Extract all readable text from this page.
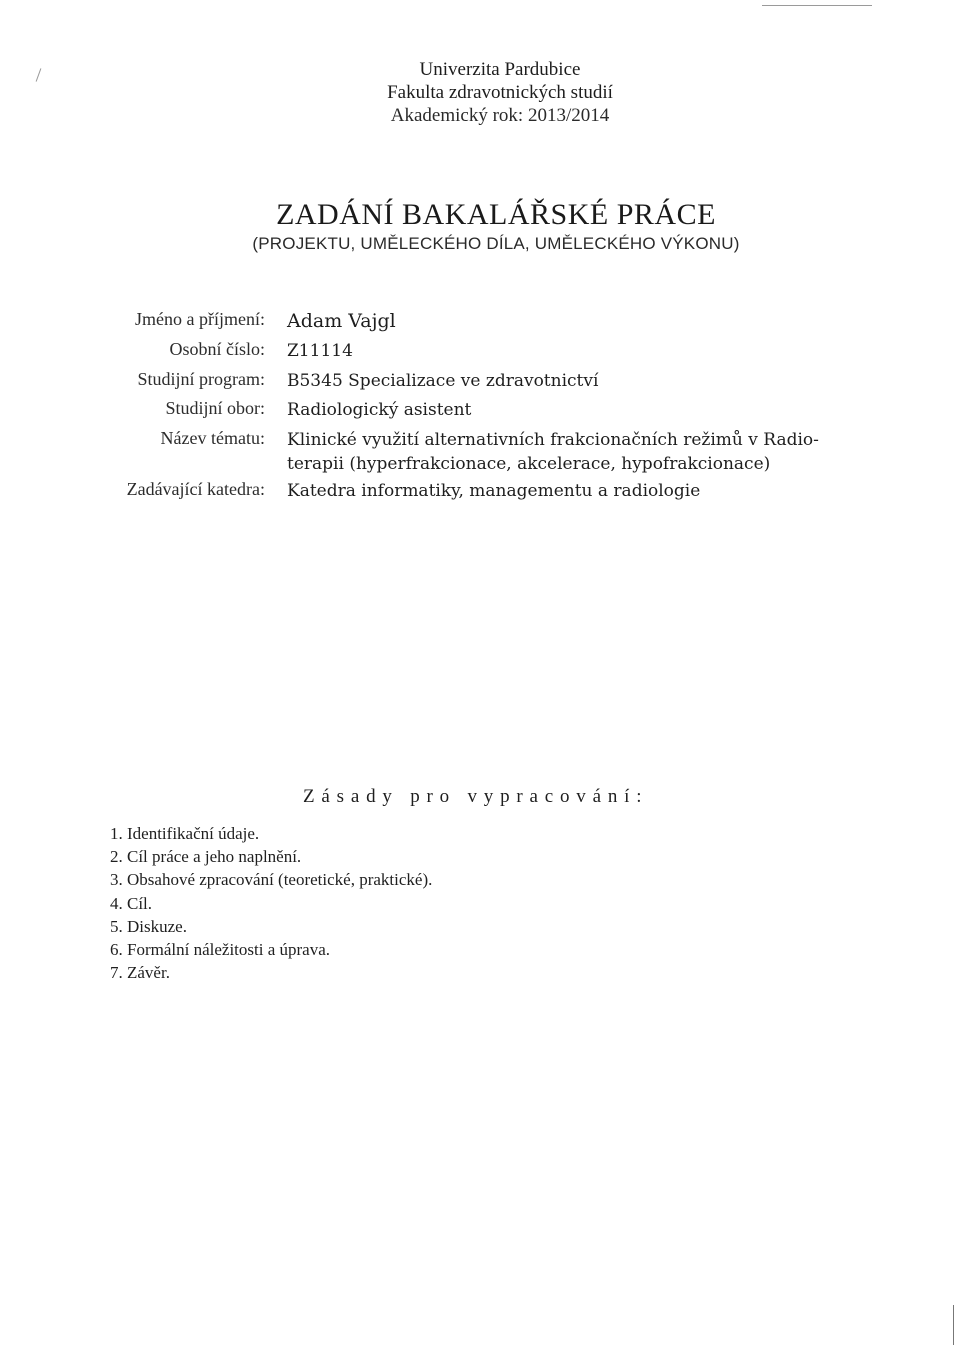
Univerzita Pardubice
Fakulta zdravotnických studií
Akademický rok: 2013/2014
ZADÁNÍ BAKALÁŘSKÉ PRÁCE
(PROJEKTU, UMĚLECKÉHO DÍLA, UMĚLECKÉHO VÝKONU)
Jméno a příjmení: Adam Vajgl
Osobní číslo: Z11114
Studijní program: B5345 Specializace ve zdravotnictví
Studijní obor: Radiologický asistent
Název tématu: Klinické využití alternativních frakcionačních režimů v Radio-
terapii (hyperfrakcionace, akcelerace, hypofrakcionace)
Zadávající katedra: Katedra informatiky, managementu a radiologie
Zásady pro vypracování:
1. Identifikační údaje.
2. Cíl práce a jeho naplnění.
3. Obsahové zpracování (teoretické, praktické).
4. Cíl.
5. Diskuze.
6. Formální náležitosti a úprava.
7. Závěr.
